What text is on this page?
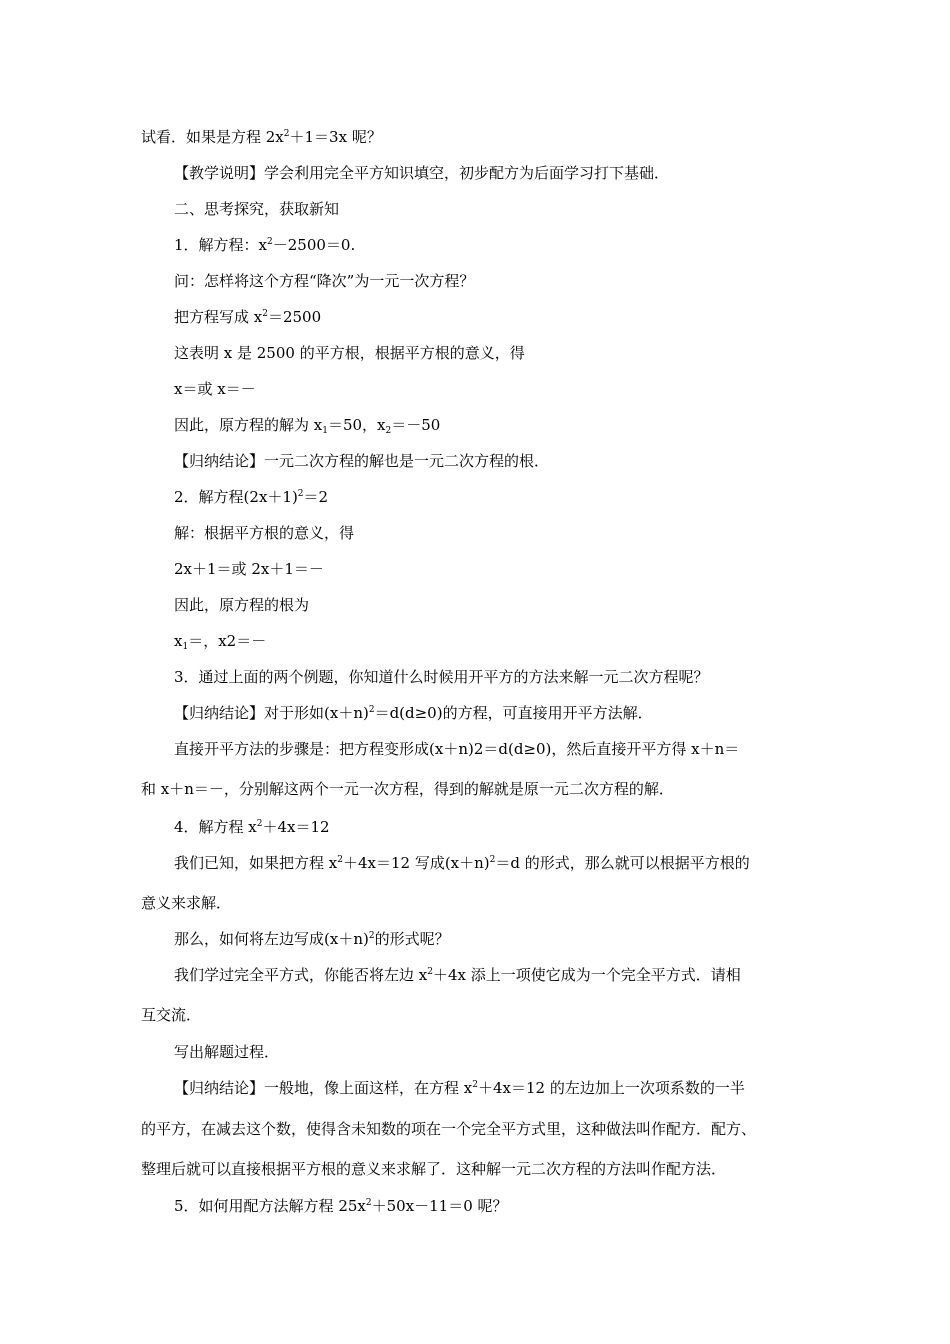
试看．如果是方程 $2x^2+1=3x$ 呢？
【教学说明】学会利用完全平方知识填空，初步配方为后面学习打下基础．
二、思考探究，获取新知
1．解方程：$x^2-2500=0$.
问：怎样将这个方程“降次”为一元一次方程？
把方程写成 $x^2=2500$
这表明 x 是 2500 的平方根，根据平方根的意义，得
x＝或 x＝－
因此，原方程的解为 $x_1=50$，$x_2=-50$
【归纳结论】一元二次方程的解也是一元二次方程的根．
2．解方程$(2x+1)^2=2$
解：根据平方根的意义，得
2x＋1＝或 2x＋1＝－
因此，原方程的根为
$x_1=$，x2＝－
3．通过上面的两个例题，你知道什么时候用开平方的方法来解一元二次方程呢？
【归纳结论】对于形如$(x+n)^2=d(d\ge 0)$的方程，可直接用开平方法解．
直接开平方法的步骤是：把方程变形成(x＋n)2＝d(d≥0)，然后直接开平方得 x＋n＝
和 x＋n＝－，分别解这两个一元一次方程，得到的解就是原一元二次方程的解．
4．解方程 $x^2+4x=12$
我们已知，如果把方程 $x^2+4x=12$ 写成$(x+n)^2=d$ 的形式，那么就可以根据平方根的
意义来求解．
那么，如何将左边写成$(x+n)^2$的形式呢？
我们学过完全平方式，你能否将左边 $x^2+4x$ 添上一项使它成为一个完全平方式．请相
互交流．
写出解题过程．
【归纳结论】一般地，像上面这样，在方程 $x^2+4x=12$ 的左边加上一次项系数的一半
的平方，在减去这个数，使得含未知数的项在一个完全平方式里，这种做法叫作配方．配方、
整理后就可以直接根据平方根的意义来求解了．这种解一元二次方程的方法叫作配方法．
5．如何用配方法解方程 $25x^2+50x-11=0$ 呢？
